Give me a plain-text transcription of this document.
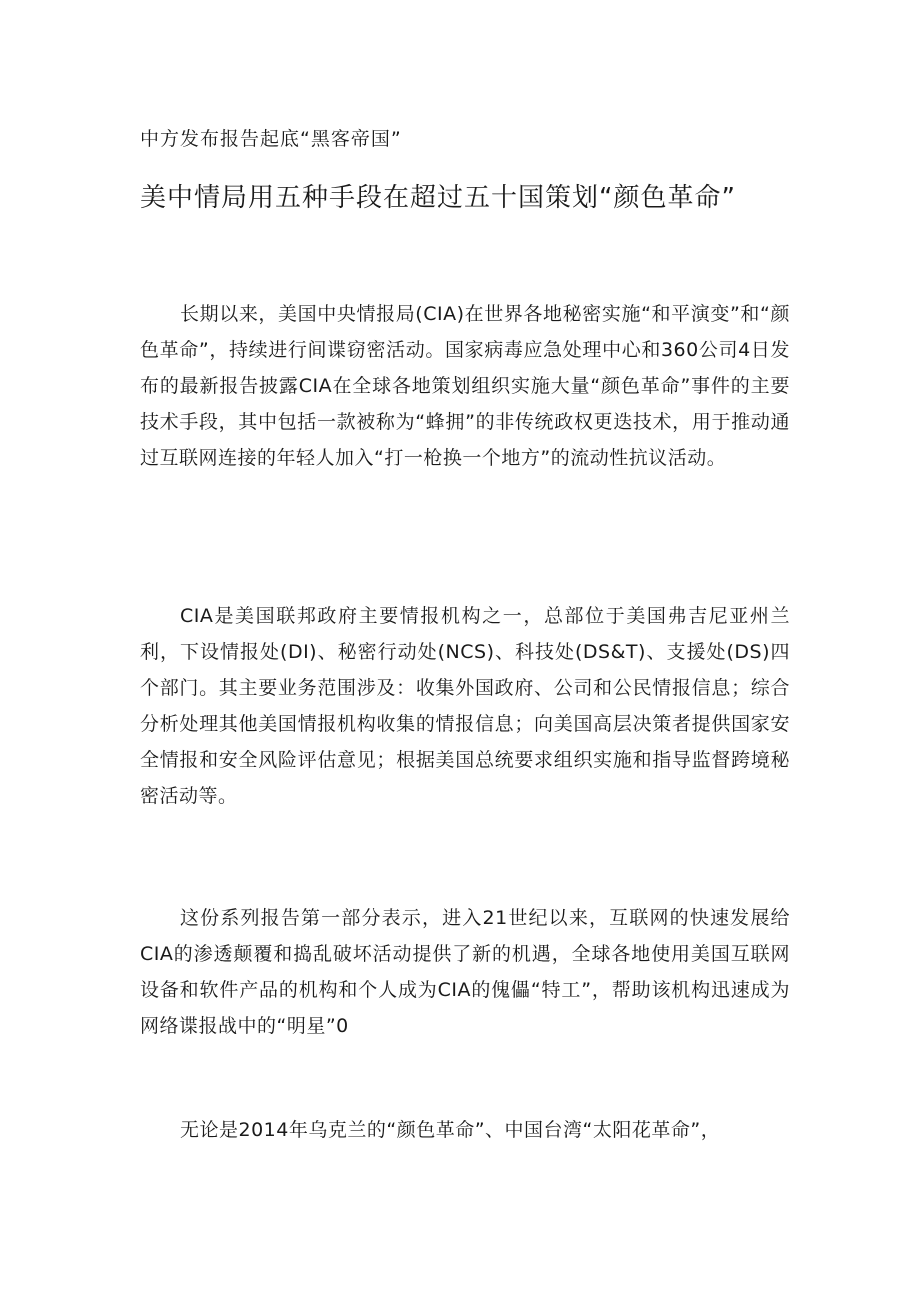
中方发布报告起底“黑客帝国”
美中情局用五种手段在超过五十国策划“颜色革命”

长期以来，美国中央情报局(CIA)在世界各地秘密实施“和平演变”和“颜色革命”，持续进行间谍窃密活动。国家病毒应急处理中心和360公司4日发布的最新报告披露CIA在全球各地策划组织实施大量“颜色革命”事件的主要技术手段，其中包括一款被称为“蜂拥”的非传统政权更迭技术，用于推动通过互联网连接的年轻人加入“打一枪换一个地方”的流动性抗议活动。

CIA是美国联邦政府主要情报机构之一，总部位于美国弗吉尼亚州兰利，下设情报处(DI)、秘密行动处(NCS)、科技处(DS&T)、支援处(DS)四个部门。其主要业务范围涉及：收集外国政府、公司和公民情报信息；综合分析处理其他美国情报机构收集的情报信息；向美国高层决策者提供国家安全情报和安全风险评估意见；根据美国总统要求组织实施和指导监督跨境秘密活动等。

这份系列报告第一部分表示，进入21世纪以来，互联网的快速发展给CIA的渗透颠覆和捣乱破坏活动提供了新的机遇，全球各地使用美国互联网设备和软件产品的机构和个人成为CIA的傀儡“特工”，帮助该机构迅速成为网络谍报战中的“明星”0

无论是2014年乌克兰的“颜色革命”、中国台湾“太阳花革命”，
